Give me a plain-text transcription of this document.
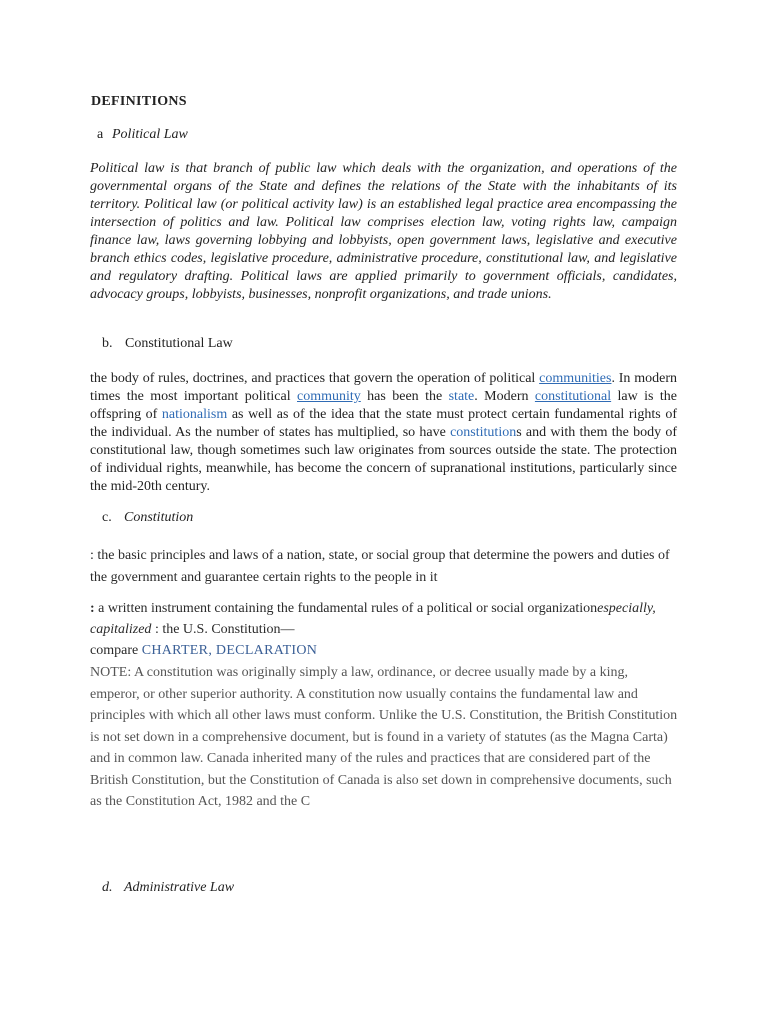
DEFINITIONS
a Political Law

Political law is that branch of public law which deals with the organization, and operations of the governmental organs of the State and defines the relations of the State with the inhabitants of its territory. Political law (or political activity law) is an established legal practice area encompassing the intersection of politics and law. Political law comprises election law, voting rights law, campaign finance law, laws governing lobbying and lobbyists, open government laws, legislative and executive branch ethics codes, legislative procedure, administrative procedure, constitutional law, and legislative and regulatory drafting. Political laws are applied primarily to government officials, candidates, advocacy groups, lobbyists, businesses, nonprofit organizations, and trade unions.

b. Constitutional Law

the body of rules, doctrines, and practices that govern the operation of political communities. In modern times the most important political community has been the state. Modern constitutional law is the offspring of nationalism as well as of the idea that the state must protect certain fundamental rights of the individual. As the number of states has multiplied, so have constitutions and with them the body of constitutional law, though sometimes such law originates from sources outside the state. The protection of individual rights, meanwhile, has become the concern of supranational institutions, particularly since the mid-20th century.

c. Constitution

: the basic principles and laws of a nation, state, or social group that determine the powers and duties of the government and guarantee certain rights to the people in it

: a written instrument containing the fundamental rules of a political or social organizationespecially, capitalized : the U.S. Constitution—
compare CHARTER, DECLARATION

NOTE: A constitution was originally simply a law, ordinance, or decree usually made by a king, emperor, or other superior authority. A constitution now usually contains the fundamental law and principles with which all other laws must conform. Unlike the U.S. Constitution, the British Constitution is not set down in a comprehensive document, but is found in a variety of statutes (as the Magna Carta) and in common law. Canada inherited many of the rules and practices that are considered part of the British Constitution, but the Constitution of Canada is also set down in comprehensive documents, such as the Constitution Act, 1982 and the C

d. Administrative Law
